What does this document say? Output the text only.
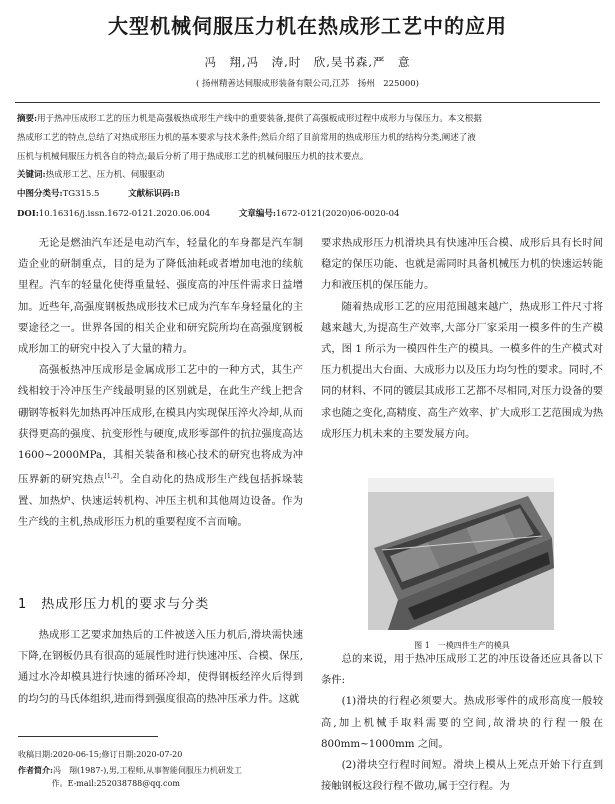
大型机械伺服压力机在热成形工艺中的应用
冯　翔,冯　涛,时　欣,吴书森,严　意
( 扬州精善达伺服成形装备有限公司,江苏　扬州　225000)
摘要:用于热冲压成形工艺的压力机是高强板热成形生产线中的重要装备,提供了高强板成形过程中成形力与保压力。本文根据
热成形工艺的特点,总结了对热成形压力机的基本要求与技术条件;然后介绍了目前常用的热成形压力机的结构分类,阐述了液
压机与机械伺服压力机各自的特点;最后分析了用于热成形工艺的机械伺服压力机的技术要点。
关键词:热成形工艺、压力机、伺服驱动
中图分类号:TG315.5	文献标识码:B
DOI:10.16316/j.issn.1672-0121.2020.06.004	文章编号:1672-0121(2020)06-0020-04

无论是燃油汽车还是电动汽车，轻量化的车身都是汽车制造企业的研制重点，目的是为了降低油耗或者增加电池的续航里程。汽车的轻量化使得重量轻、强度高的冲压件需求日益增加。近些年,高强度钢板热成形技术已成为汽车车身轻量化的主要途径之一。世界各国的相关企业和研究院所均在高强度钢板成形加工的研究中投入了大量的精力。

高强板热冲压成形是金属成形工艺中的一种方式，其生产线相较于冷冲压生产线最明显的区别就是，在此生产线上把含硼钢等板料先加热再冲压成形,在模具内实现保压淬火冷却,从而获得更高的强度、抗变形性与硬度,成形零部件的抗拉强度高达1600~2000MPa，其相关装备和核心技术的研究也将成为冲压界新的研究热点[1,2]。全自动化的热成形生产线包括拆垛装置、加热炉、快速运转机构、冲压主机和其他周边设备。作为生产线的主机,热成形压力机的重要程度不言而喻。

1 热成形压力机的要求与分类

热成形工艺要求加热后的工件被送入压力机后,滑块需快速下降,在钢板仍具有很高的延展性时进行快速冲压、合模、保压,通过水冷却模具进行快速的循环冷却，使得钢板经淬火后得到的均匀的马氏体组织,进而得到强度很高的热冲压承力件。这就

要求热成形压力机滑块具有快速冲压合模、成形后具有长时间稳定的保压功能、也就是需同时具备机械压力机的快速运转能力和液压机的保压能力。

随着热成形工艺的应用范围越来越广，热成形工件尺寸将越来越大,为提高生产效率,大部分厂家采用一模多件的生产模式，图 1 所示为一模四件生产的模具。一模多件的生产模式对压力机提出大台面、大成形力以及压力均匀性的要求。同时,不同的材料、不同的镀层其成形工艺都不尽相同,对压力设备的要求也随之变化,高精度、高生产效率、扩大成形工艺范围成为热成形压力机未来的主要发展方向。

图 1　一模四件生产的模具

总的来说，用于热冲压成形工艺的冲压设备还应具备以下条件:

(1)滑块的行程必须要大。热成形零件的成形高度一般较高,加上机械手取料需要的空间,故滑块的行程一般在 800mm~1000mm 之间。

(2)滑块空行程时间短。滑块上模从上死点开始下行直到接触钢板这段行程不做功,属于空行程。为

收稿日期:2020-06-15;修订日期:2020-07-20
作者简介:冯　翔(1987-),男,工程师,从事智能伺服压力机研发工
作。E-mail:252038788@qq.com
